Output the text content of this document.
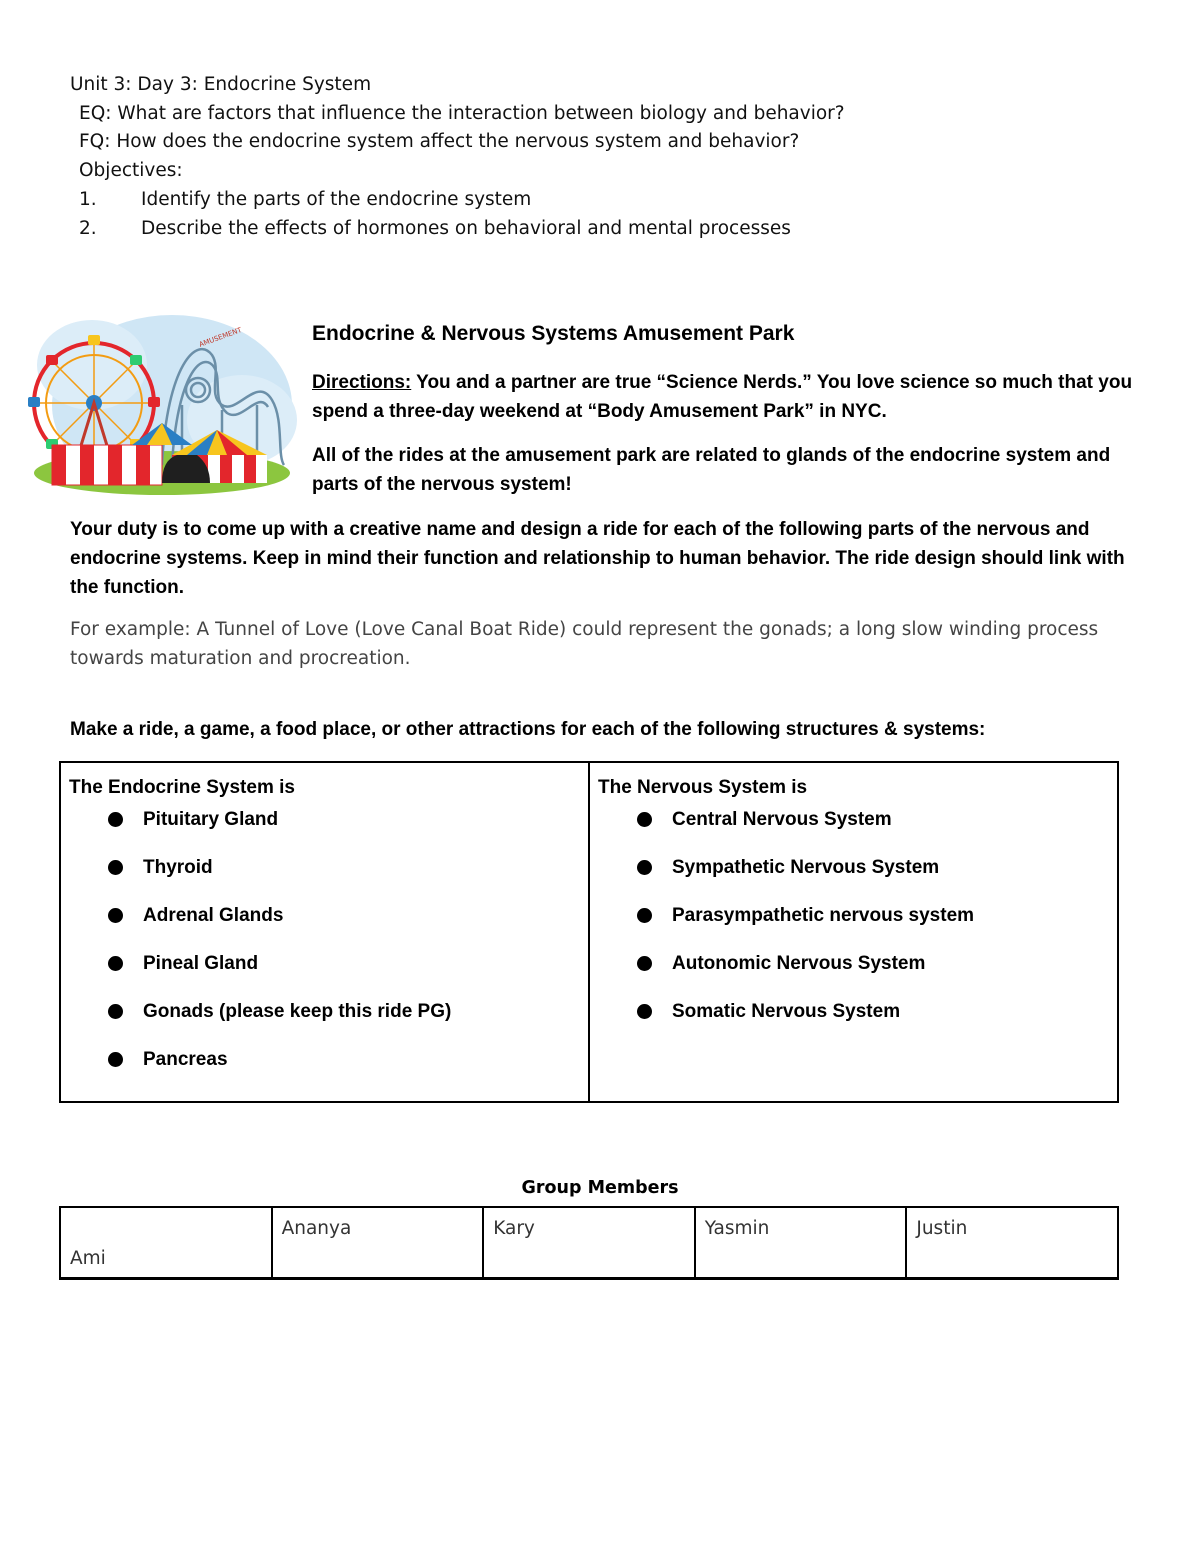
Unit 3: Day 3: Endocrine System
EQ: What are factors that influence the interaction between biology and behavior?
FQ: How does the endocrine system affect the nervous system and behavior?
Objectives:
1. Identify the parts of the endocrine system
2. Describe the effects of hormones on behavioral and mental processes
AMUSEMENT	Endocrine & Nervous Systems Amusement Park

Directions: You and a partner are true “Science Nerds.” You love science so much that you spend a three-day weekend at “Body Amusement Park” in NYC.

All of the rides at the amusement park are related to glands of the endocrine system and parts of the nervous system!

Your duty is to come up with a creative name and design a ride for each of the following parts of the nervous and endocrine systems. Keep in mind their function and relationship to human behavior. The ride design should link with the function.
For example: A Tunnel of Love (Love Canal Boat Ride) could represent the gonads; a long slow winding process towards maturation and procreation.
Make a ride, a game, a food place, or other attractions for each of the following structures & systems:
The Endocrine System is
Pituitary Gland
Thyroid
Adrenal Glands
Pineal Gland
Gonads (please keep this ride PG)
Pancreas
The Nervous System is
Central Nervous System
Sympathetic Nervous System
Parasympathetic nervous system
Autonomic Nervous System
Somatic Nervous System
Group Members
Ami	Ananya	Kary	Yasmin	Justin
